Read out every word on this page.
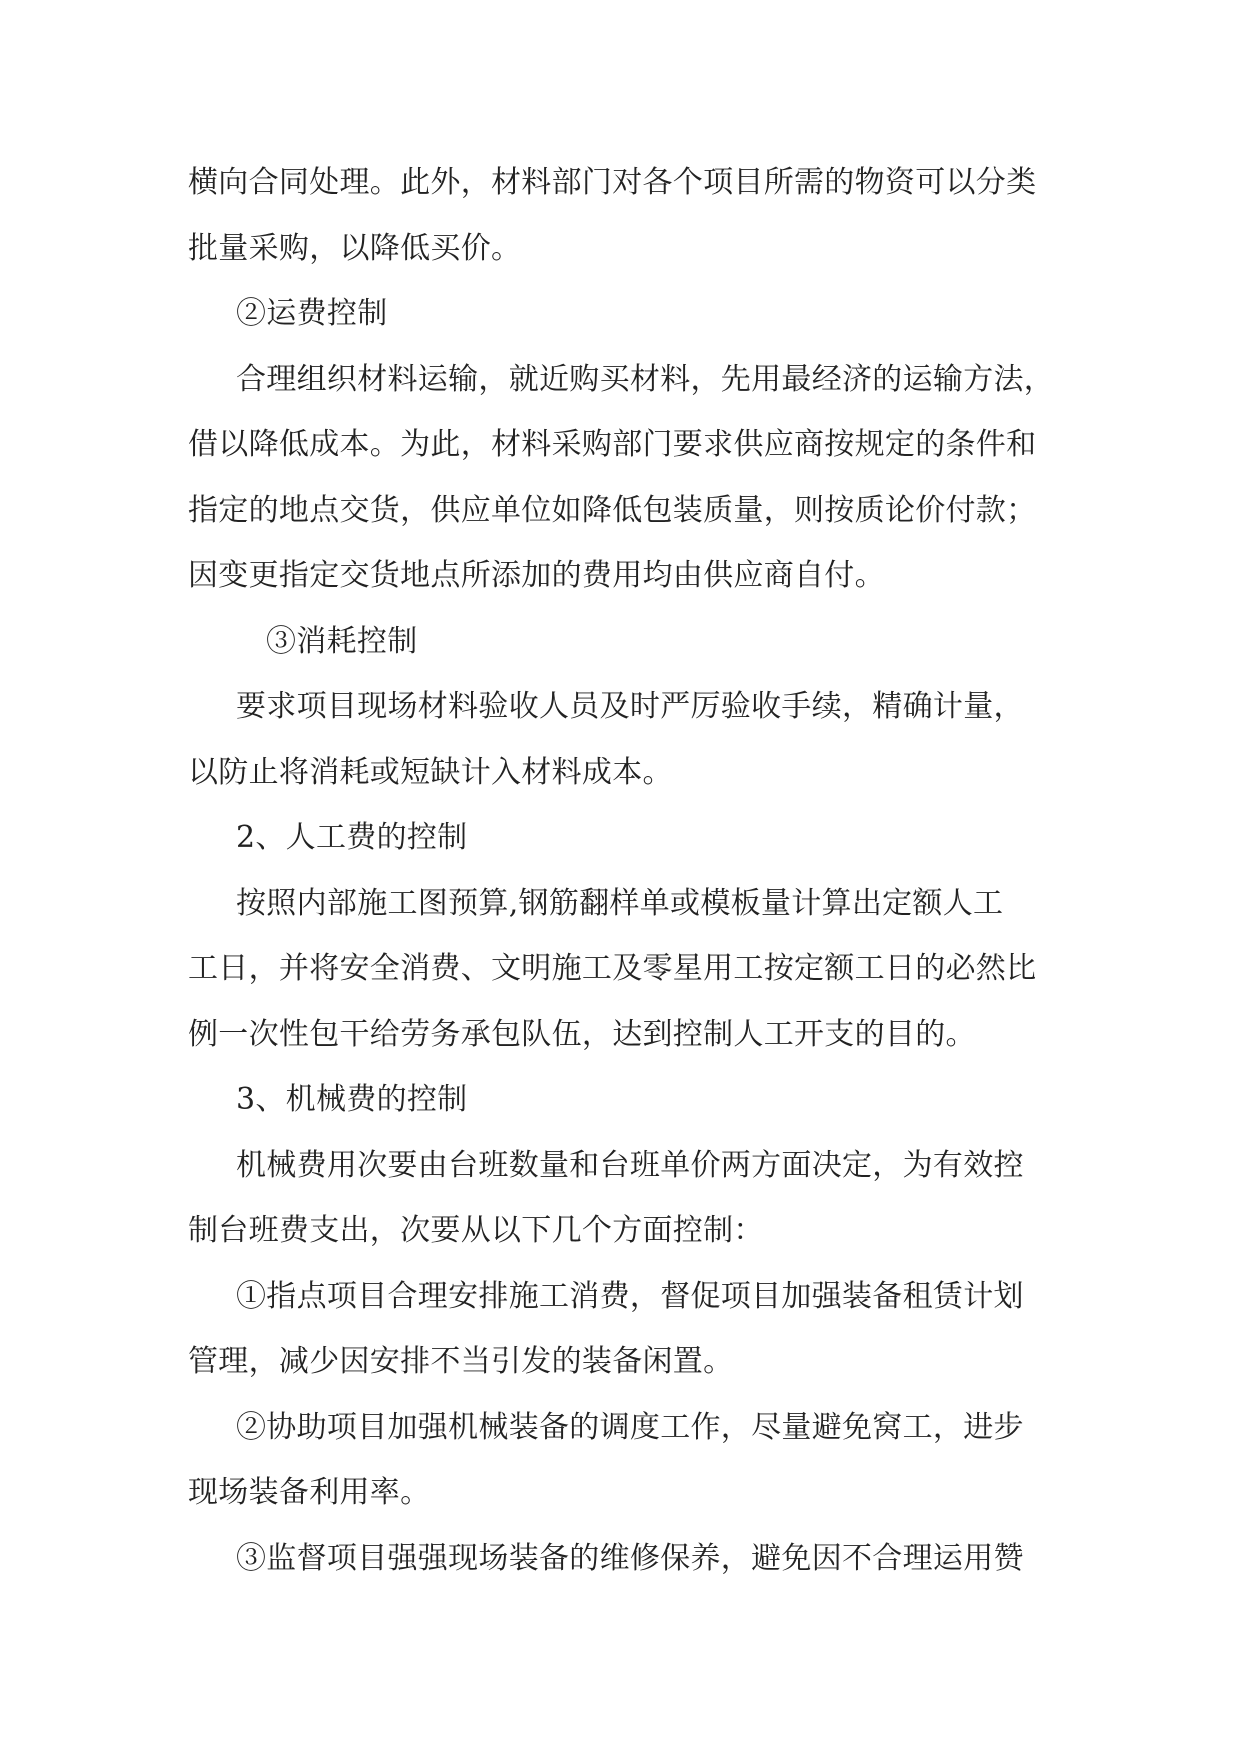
横向合同处理。此外，材料部门对各个项目所需的物资可以分类
批量采购，以降低买价。
②运费控制
合理组织材料运输，就近购买材料，先用最经济的运输方法，
借以降低成本。为此，材料采购部门要求供应商按规定的条件和
指定的地点交货，供应单位如降低包装质量，则按质论价付款；
因变更指定交货地点所添加的费用均由供应商自付。
③消耗控制
要求项目现场材料验收人员及时严厉验收手续，精确计量，
以防止将消耗或短缺计入材料成本。
2、人工费的控制
按照内部施工图预算,钢筋翻样单或模板量计算出定额人工
工日，并将安全消费、文明施工及零星用工按定额工日的必然比
例一次性包干给劳务承包队伍，达到控制人工开支的目的。
3、机械费的控制
机械费用次要由台班数量和台班单价两方面决定，为有效控
制台班费支出，次要从以下几个方面控制：
①指点项目合理安排施工消费，督促项目加强装备租赁计划
管理，减少因安排不当引发的装备闲置。
②协助项目加强机械装备的调度工作，尽量避免窝工，进步
现场装备利用率。
③监督项目强强现场装备的维修保养，避免因不合理运用赞
